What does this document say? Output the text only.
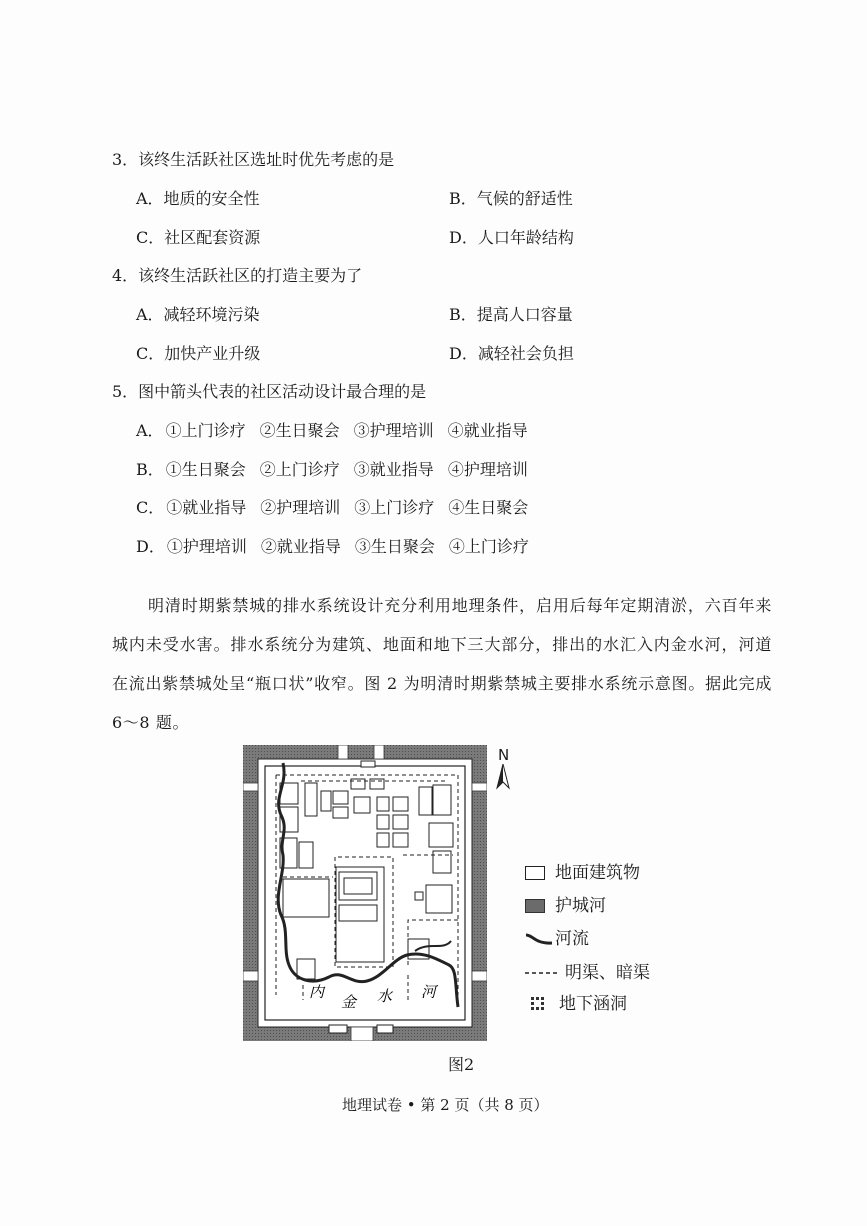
3．该终生活跃社区选址时优先考虑的是
A．地质的安全性	B．气候的舒适性
C．社区配套资源	D．人口年龄结构
4．该终生活跃社区的打造主要为了
A．减轻环境污染	B．提高人口容量
C．加快产业升级	D．减轻社会负担
5．图中箭头代表的社区活动设计最合理的是
A． ①上门诊疗 ②生日聚会 ③护理培训 ④就业指导
B． ①生日聚会 ②上门诊疗 ③就业指导 ④护理培训
C． ①就业指导 ②护理培训 ③上门诊疗 ④生日聚会
D． ①护理培训 ②就业指导 ③生日聚会 ④上门诊疗

明清时期紫禁城的排水系统设计充分利用地理条件，启用后每年定期清淤，六百年来城内未受水害。排水系统分为建筑、地面和地下三大部分，排出的水汇入内金水河，河道在流出紫禁城处呈“瓶口状”收窄。图 2 为明清时期紫禁城主要排水系统示意图。据此完成 6～8 题。

内
金 水 河
N
地面建筑物
护城河
河流
明渠、暗渠
地下涵洞
图2
地理试卷 • 第 2 页（共 8 页）
